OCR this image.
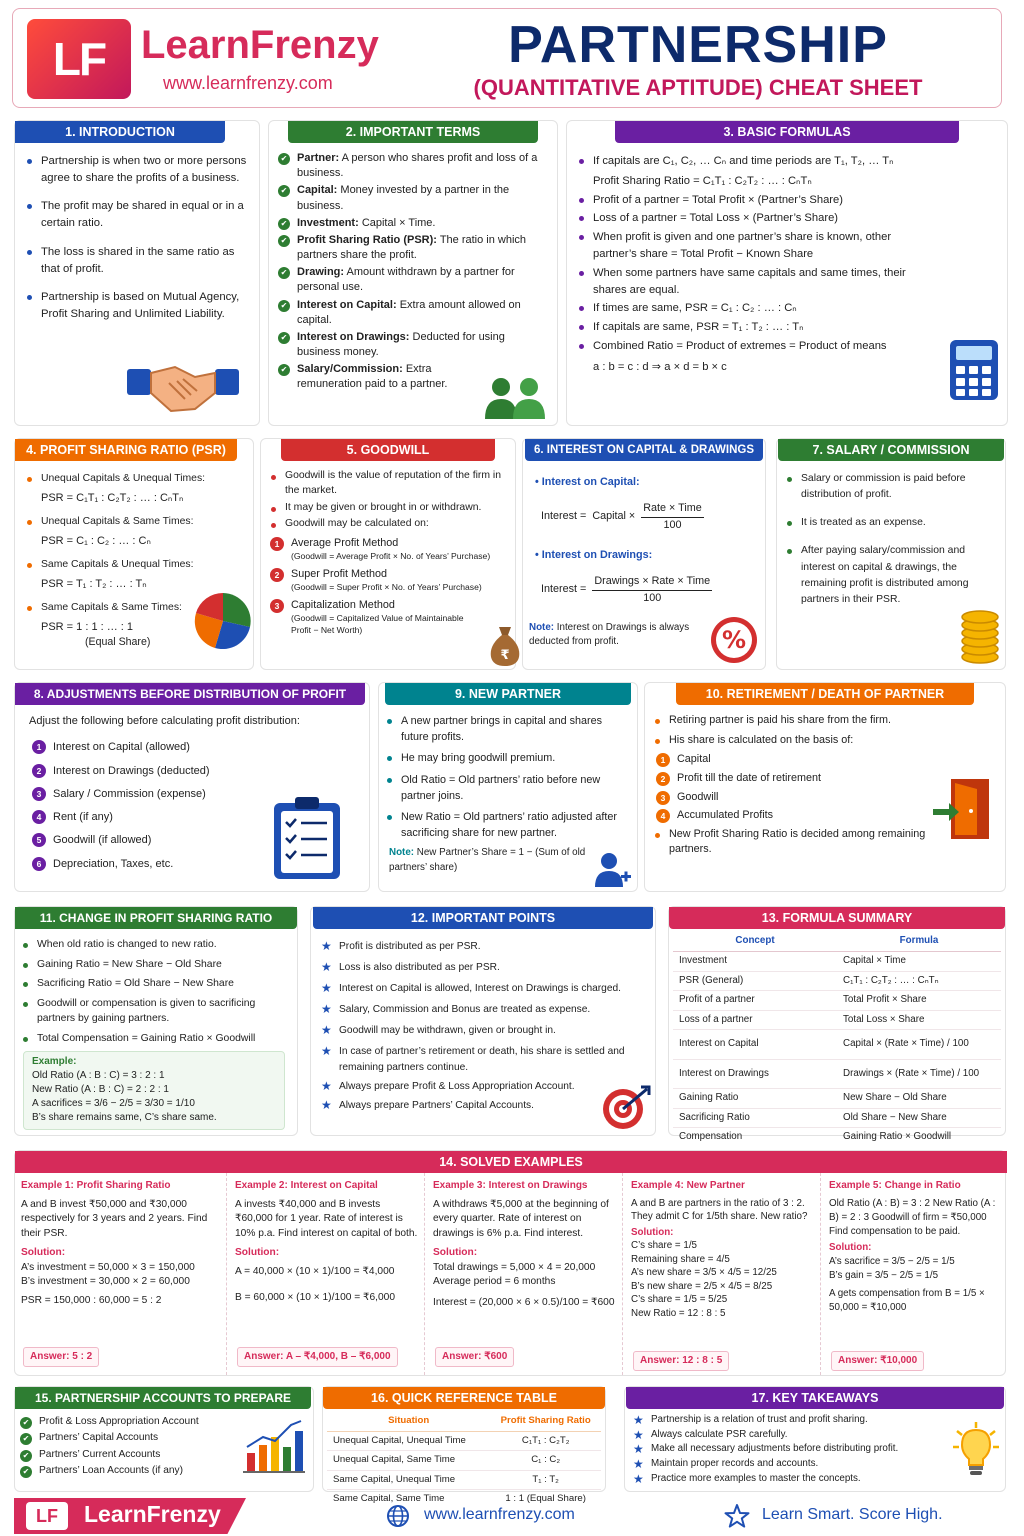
LF LearnFrenzy
www.learnfrenzy.com
PARTNERSHIP
(QUANTITATIVE APTITUDE) CHEAT SHEET
1. INTRODUCTION
Partnership is when two or more persons agree to share the profits of a business.
The profit may be shared in equal or in a certain ratio.
The loss is shared in the same ratio as that of profit.
Partnership is based on Mutual Agency, Profit Sharing and Unlimited Liability.
2. IMPORTANT TERMS
✔ Partner: A person who shares profit and loss of a business.
✔ Capital: Money invested by a partner in the business.
✔ Investment: Capital × Time.
✔ Profit Sharing Ratio (PSR): The ratio in which partners share the profit.
✔ Drawing: Amount withdrawn by a partner for personal use.
✔ Interest on Capital: Extra amount allowed on capital.
✔ Interest on Drawings: Deducted for using business money.
✔ Salary/Commission: Extra remuneration paid to a partner.
3. BASIC FORMULAS
If capitals are C₁, C₂, … Cₙ and time periods are T₁, T₂, … Tₙ
Profit Sharing Ratio = C₁T₁ : C₂T₂ : … : CₙTₙ
Profit of a partner = Total Profit × (Partner’s Share)
Loss of a partner = Total Loss × (Partner’s Share)
When profit is given and one partner’s share is known, other partner’s share = Total Profit − Known Share
When some partners have same capitals and same times, their shares are equal.
If times are same, PSR = C₁ : C₂ : … : Cₙ
If capitals are same, PSR = T₁ : T₂ : … : Tₙ
Combined Ratio = Product of extremes = Product of means
a : b = c : d ⇒ a × d = b × c
4. PROFIT SHARING RATIO (PSR)
Unequal Capitals & Unequal Times:
PSR = C₁T₁ : C₂T₂ : … : CₙTₙ
Unequal Capitals & Same Times:
PSR = C₁ : C₂ : … : Cₙ
Same Capitals & Unequal Times:
PSR = T₁ : T₂ : … : Tₙ
Same Capitals & Same Times:
PSR = 1 : 1 : … : 1
(Equal Share)
5. GOODWILL
Goodwill is the value of reputation of the firm in the market.
It may be given or brought in or withdrawn.
Goodwill may be calculated on:
1	Average Profit Method
(Goodwill = Average Profit × No. of Years’ Purchase)
2	Super Profit Method
(Goodwill = Super Profit × No. of Years’ Purchase)
3	Capitalization Method
(Goodwill = Capitalized Value of Maintainable Profit − Net Worth)
₹
6. INTEREST ON CAPITAL & DRAWINGS
• Interest on Capital:
Interest = Capital ×
Rate × Time
100
• Interest on Drawings:
Interest =
Drawings × Rate × Time
100
Note: Interest on Drawings is always deducted from profit.	%
7. SALARY / COMMISSION
Salary or commission is paid before distribution of profit.
It is treated as an expense.
After paying salary/commission and interest on capital & drawings, the remaining profit is distributed among partners in their PSR.
8. ADJUSTMENTS BEFORE DISTRIBUTION OF PROFIT
Adjust the following before calculating profit distribution:
1	Interest on Capital (allowed)
2	Interest on Drawings (deducted)
3	Salary / Commission (expense)
4	Rent (if any)
5	Goodwill (if allowed)
6	Depreciation, Taxes, etc.
9. NEW PARTNER
A new partner brings in capital and shares future profits.
He may bring goodwill premium.
Old Ratio = Old partners’ ratio before new partner joins.
New Ratio = Old partners’ ratio adjusted after sacrificing share for new partner.
Note: New Partner’s Share = 1 − (Sum of old partners’ share)
10. RETIREMENT / DEATH OF PARTNER
Retiring partner is paid his share from the firm.
His share is calculated on the basis of:
1	Capital
2	Profit till the date of retirement
3	Goodwill
4	Accumulated Profits
New Profit Sharing Ratio is decided among remaining partners.
11. CHANGE IN PROFIT SHARING RATIO
When old ratio is changed to new ratio.
Gaining Ratio = New Share − Old Share
Sacrificing Ratio = Old Share − New Share
Goodwill or compensation is given to sacrificing partners by gaining partners.
Total Compensation = Gaining Ratio × Goodwill
Example:
Old Ratio (A : B : C) = 3 : 2 : 1
New Ratio (A : B : C) = 2 : 2 : 1
A sacrifices = 3/6 − 2/5 = 3/30 = 1/10
B’s share remains same, C’s share same.
12. IMPORTANT POINTS
★ Profit is distributed as per PSR.
★ Loss is also distributed as per PSR.
★ Interest on Capital is allowed, Interest on Drawings is charged.
★ Salary, Commission and Bonus are treated as expense.
★ Goodwill may be withdrawn, given or brought in.
★ In case of partner’s retirement or death, his share is settled and remaining partners continue.
★ Always prepare Profit & Loss Appropriation Account.
★ Always prepare Partners’ Capital Accounts.
13. FORMULA SUMMARY
Concept	Formula
Investment	Capital × Time
PSR (General)	C₁T₁ : C₂T₂ : … : CₙTₙ
Profit of a partner	Total Profit × Share
Loss of a partner	Total Loss × Share
Interest on Capital	Capital × (Rate × Time) / 100
Interest on Drawings	Drawings × (Rate × Time) / 100
Gaining Ratio	New Share − Old Share
Sacrificing Ratio	Old Share − New Share
Compensation	Gaining Ratio × Goodwill
14. SOLVED EXAMPLES
Example 1: Profit Sharing Ratio
A and B invest ₹50,000 and ₹30,000 respectively for 3 years and 2 years. Find their PSR.
Solution:
A’s investment = 50,000 × 3 = 150,000
B’s investment = 30,000 × 2 = 60,000
PSR = 150,000 : 60,000 = 5 : 2
Answer: 5 : 2
Example 2: Interest on Capital
A invests ₹40,000 and B invests ₹60,000 for 1 year. Rate of interest is 10% p.a. Find interest on capital of both.
Solution:
A = 40,000 × (10 × 1)/100 = ₹4,000
B = 60,000 × (10 × 1)/100 = ₹6,000
Answer: A – ₹4,000, B – ₹6,000
Example 3: Interest on Drawings
A withdraws ₹5,000 at the beginning of every quarter. Rate of interest on drawings is 6% p.a. Find interest.
Solution:
Total drawings = 5,000 × 4 = 20,000
Average period = 6 months
Interest = (20,000 × 6 × 0.5)/100 = ₹600
Answer: ₹600
Example 4: New Partner
A and B are partners in the ratio of 3 : 2. They admit C for 1/5th share. New ratio?
Solution:
C’s share = 1/5
Remaining share = 4/5
A’s new share = 3/5 × 4/5 = 12/25
B’s new share = 2/5 × 4/5 = 8/25
C’s share = 1/5 = 5/25
New Ratio = 12 : 8 : 5
Answer: 12 : 8 : 5
Example 5: Change in Ratio
Old Ratio (A : B) = 3 : 2 New Ratio (A : B) = 2 : 3 Goodwill of firm = ₹50,000 Find compensation to be paid.
Solution:
A’s sacrifice = 3/5 − 2/5 = 1/5
B’s gain = 3/5 − 2/5 = 1/5
A gets compensation from B = 1/5 × 50,000 = ₹10,000
Answer: ₹10,000
15. PARTNERSHIP ACCOUNTS TO PREPARE
✔ Profit & Loss Appropriation Account
✔ Partners’ Capital Accounts
✔ Partners’ Current Accounts
✔ Partners’ Loan Accounts (if any)
16. QUICK REFERENCE TABLE
Situation	Profit Sharing Ratio
Unequal Capital, Unequal Time	C₁T₁ : C₂T₂
Unequal Capital, Same Time	C₁ : C₂
Same Capital, Unequal Time	T₁ : T₂
Same Capital, Same Time	1 : 1 (Equal Share)
17. KEY TAKEAWAYS
★ Partnership is a relation of trust and profit sharing.
★ Always calculate PSR carefully.
★ Make all necessary adjustments before distributing profit.
★ Maintain proper records and accounts.
★ Practice more examples to master the concepts.
LF LearnFrenzy	www.learnfrenzy.com	Learn Smart. Score High.
